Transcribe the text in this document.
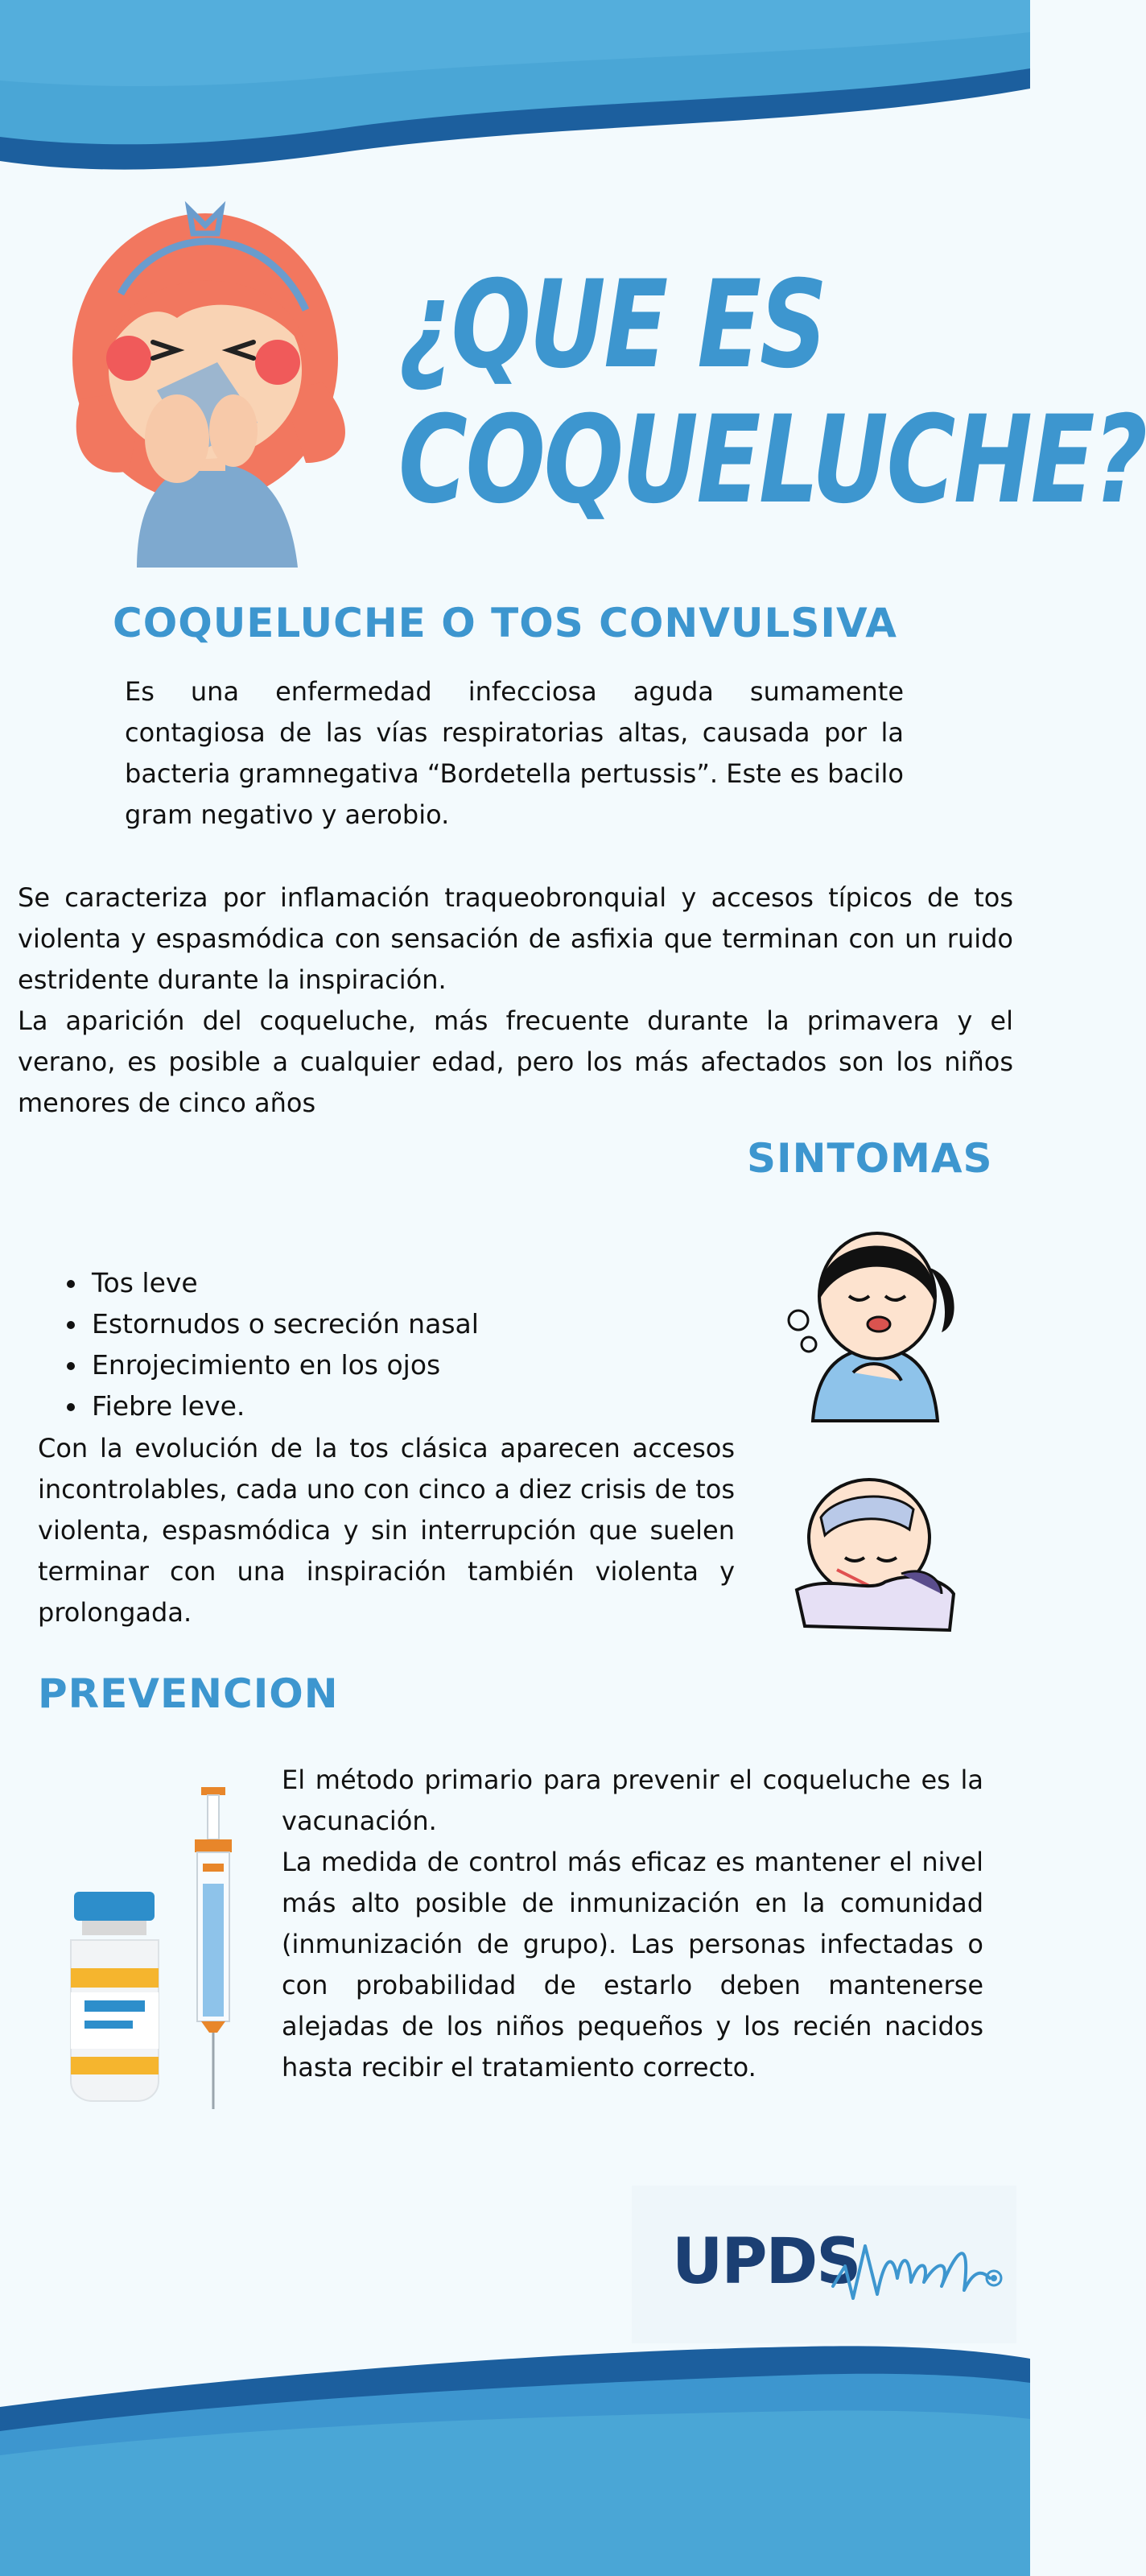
¿QUE ES
COQUELUCHE?
COQUELUCHE O TOS CONVULSIVA

Es una enfermedad infecciosa aguda sumamente contagiosa de las vías respiratorias altas, causada por la bacteria gramnegativa “Bordetella pertussis”. Este es bacilo gram negativo y aerobio.

Se caracteriza por inflamación traqueobronquial y accesos típicos de tos violenta y espasmódica con sensación de asfixia que terminan con un ruido estridente durante la inspiración.

La aparición del coqueluche, más frecuente durante la primavera y el verano, es posible a cualquier edad, pero los más afectados son los niños menores de cinco años

SINTOMAS
• Tos leve
• Estornudos o secreción nasal
• Enrojecimiento en los ojos
• Fiebre leve.

Con la evolución de la tos clásica aparecen accesos incontrolables, cada uno con cinco a diez crisis de tos violenta, espasmódica y sin interrupción que suelen terminar con una inspiración también violenta y prolongada.

PREVENCION

El método primario para prevenir el coqueluche es la vacunación.

La medida de control más eficaz es mantener el nivel más alto posible de inmunización en la comunidad (inmunización de grupo). Las personas infectadas o con probabilidad de estarlo deben mantenerse alejadas de los niños pequeños y los recién nacidos hasta recibir el tratamiento correcto.

UPDS
